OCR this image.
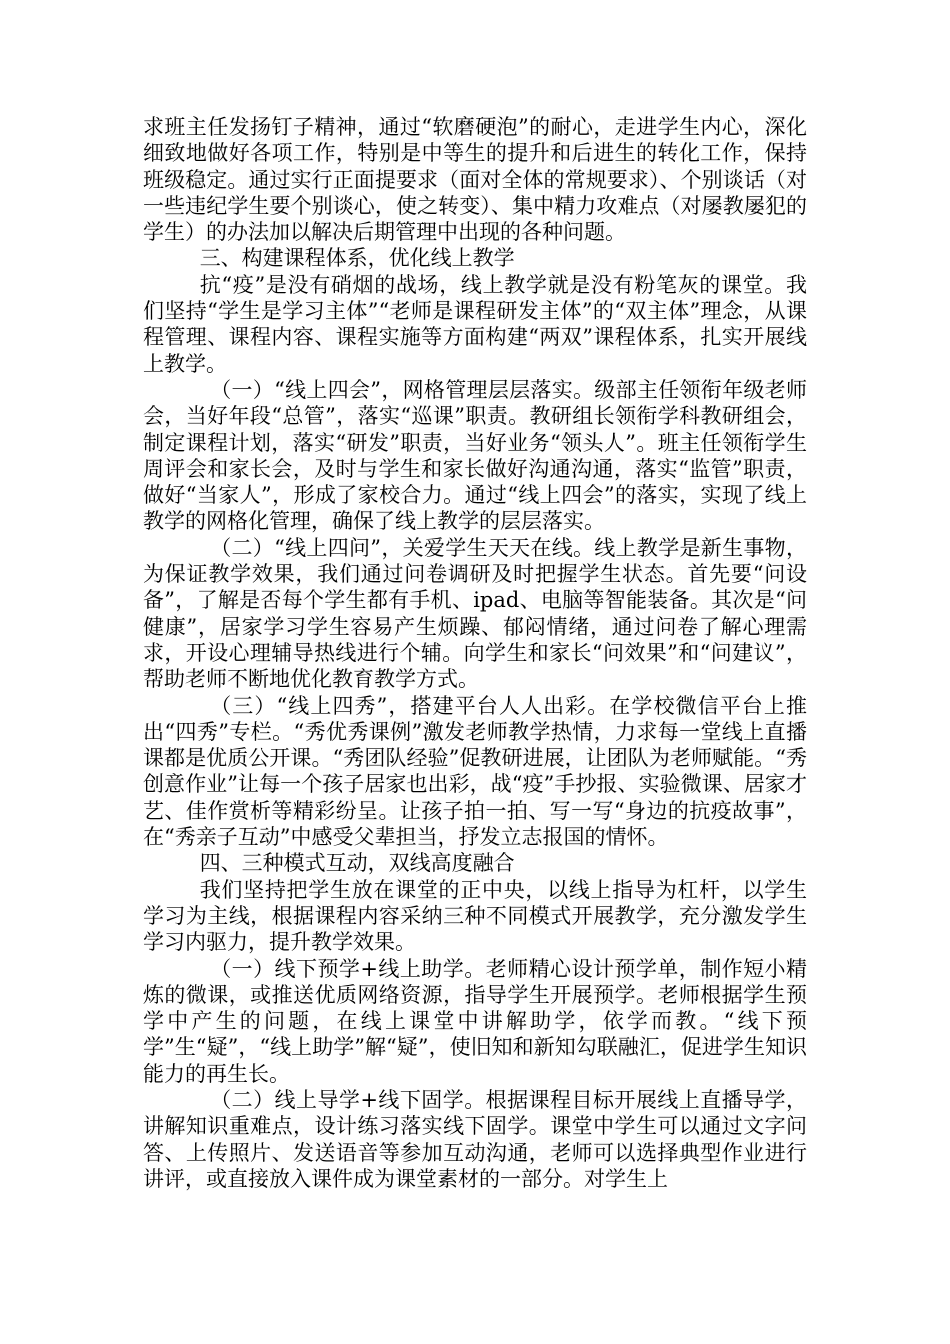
求班主任发扬钉子精神，通过“软磨硬泡”的耐心，走进学生内心，深化细致地做好各项工作，特别是中等生的提升和后进生的转化工作，保持班级稳定。通过实行正面提要求（面对全体的常规要求）、个别谈话（对一些违纪学生要个别谈心，使之转变）、集中精力攻难点（对屡教屡犯的学生）的办法加以解决后期管理中出现的各种问题。

三、构建课程体系，优化线上教学

抗“疫”是没有硝烟的战场，线上教学就是没有粉笔灰的课堂。我们坚持“学生是学习主体”“老师是课程研发主体”的“双主体”理念，从课程管理、课程内容、课程实施等方面构建“两双”课程体系，扎实开展线上教学。

（一）“线上四会”，网格管理层层落实。级部主任领衔年级老师会，当好年段“总管”，落实“巡课”职责。教研组长领衔学科教研组会，制定课程计划，落实“研发”职责，当好业务“领头人”。班主任领衔学生周评会和家长会，及时与学生和家长做好沟通沟通，落实“监管”职责，做好“当家人”，形成了家校合力。通过“线上四会”的落实，实现了线上教学的网格化管理，确保了线上教学的层层落实。

（二）“线上四问”，关爱学生天天在线。线上教学是新生事物，为保证教学效果，我们通过问卷调研及时把握学生状态。首先要“问设备”，了解是否每个学生都有手机、ipad、电脑等智能装备。其次是“问健康”，居家学习学生容易产生烦躁、郁闷情绪，通过问卷了解心理需求，开设心理辅导热线进行个辅。向学生和家长“问效果”和“问建议”，帮助老师不断地优化教育教学方式。

（三）“线上四秀”，搭建平台人人出彩。在学校微信平台上推出“四秀”专栏。“秀优秀课例”激发老师教学热情，力求每一堂线上直播课都是优质公开课。“秀团队经验”促教研进展，让团队为老师赋能。“秀创意作业”让每一个孩子居家也出彩，战“疫”手抄报、实验微课、居家才艺、佳作赏析等精彩纷呈。让孩子拍一拍、写一写“身边的抗疫故事”，在“秀亲子互动”中感受父辈担当，抒发立志报国的情怀。

四、三种模式互动，双线高度融合

我们坚持把学生放在课堂的正中央，以线上指导为杠杆，以学生学习为主线，根据课程内容采纳三种不同模式开展教学，充分激发学生学习内驱力，提升教学效果。

（一）线下预学+线上助学。老师精心设计预学单，制作短小精炼的微课，或推送优质网络资源，指导学生开展预学。老师根据学生预学中产生的问题，在线上课堂中讲解助学，依学而教。“线下预学”生“疑”，“线上助学”解“疑”，使旧知和新知勾联融汇，促进学生知识能力的再生长。

（二）线上导学+线下固学。根据课程目标开展线上直播导学，讲解知识重难点，设计练习落实线下固学。课堂中学生可以通过文字问答、上传照片、发送语音等参加互动沟通，老师可以选择典型作业进行讲评，或直接放入课件成为课堂素材的一部分。对学生上
